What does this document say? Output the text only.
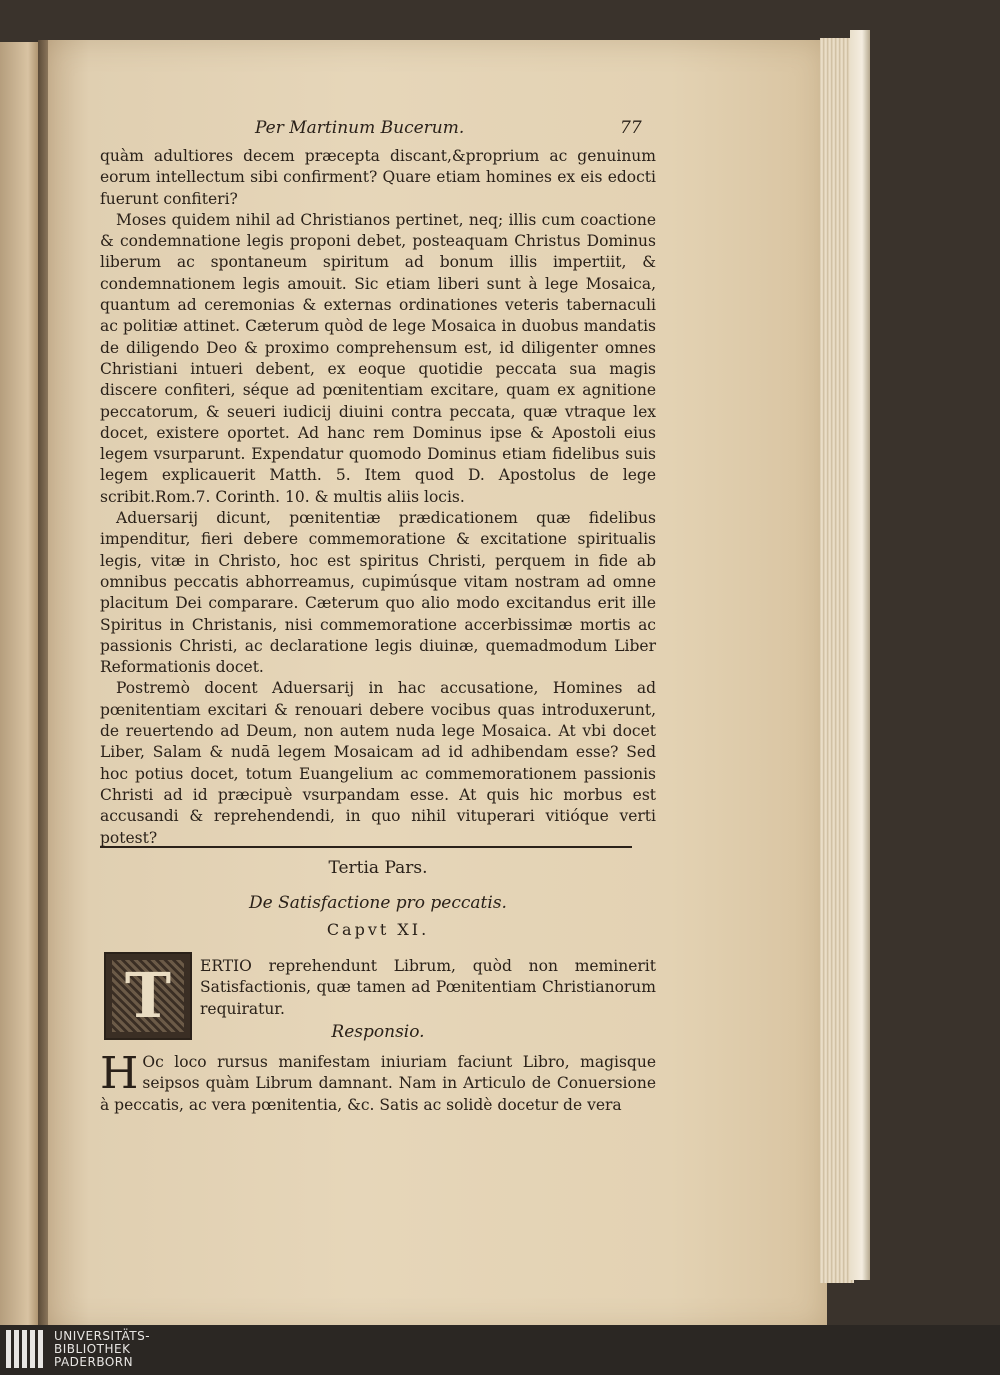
Per Martinum Bucerum.	77

quàm adultiores decem præcepta discant,&proprium ac genuinum eorum intellectum sibi confirment? Quare etiam homines ex eis edocti fuerunt confiteri?

Moses quidem nihil ad Christianos pertinet, neq; illis cum coactione & condemnatione legis proponi debet, posteaquam Christus Dominus liberum ac spontaneum spiritum ad bonum illis impertiit, & condemnationem legis amouit. Sic etiam liberi sunt à lege Mosaica, quantum ad ceremonias & externas ordinationes veteris tabernaculi ac politiæ attinet. Cæterum quòd de lege Mosaica in duobus mandatis de diligendo Deo & proximo comprehensum est, id diligenter omnes Christiani intueri debent, ex eoque quotidie peccata sua magis discere confiteri, séque ad pœnitentiam excitare, quam ex agnitione peccatorum, & seueri iudicij diuini contra peccata, quæ vtraque lex docet, existere oportet. Ad hanc rem Dominus ipse & Apostoli eius legem vsurparunt. Expendatur quomodo Dominus etiam fidelibus suis legem explicauerit Matth. 5. Item quod D. Apostolus de lege scribit.Rom.7. Corinth. 10. & multis aliis locis.

Aduersarij dicunt, pœnitentiæ prædicationem quæ fidelibus impenditur, fieri debere commemoratione & excitatione spiritualis legis, vitæ in Christo, hoc est spiritus Christi, perquem in fide ab omnibus peccatis abhorreamus, cupimúsque vitam nostram ad omne placitum Dei comparare. Cæterum quo alio modo excitandus erit ille Spiritus in Christanis, nisi commemoratione accerbissimæ mortis ac passionis Christi, ac declaratione legis diuinæ, quemadmodum Liber Reformationis docet.

Postremò docent Aduersarij in hac accusatione, Homines ad pœnitentiam excitari & renouari debere vocibus quas introduxerunt, de reuertendo ad Deum, non autem nuda lege Mosaica. At vbi docet Liber, Salam & nudā legem Mosaicam ad id adhibendam esse? Sed hoc potius docet, totum Euangelium ac commemorationem passionis Christi ad id præcipuè vsurpandam esse. At quis hic morbus est accusandi & reprehendendi, in quo nihil vituperari vitióque verti potest?

Tertia Pars.
De Satisfactione pro peccatis.
Capvt XI.
T ERTIO reprehendunt Librum, quòd non meminerit Satisfactionis, quæ tamen ad Pœnitentiam Christianorum requiratur.
Responsio.
H Oc loco rursus manifestam iniuriam faciunt Libro, magisque seipsos quàm Librum damnant. Nam in Articulo de Conuersione à peccatis, ac vera pœnitentia, &c. Satis ac solidè docetur de vera
UNIVERSITÄTS-
BIBLIOTHEK
PADERBORN
